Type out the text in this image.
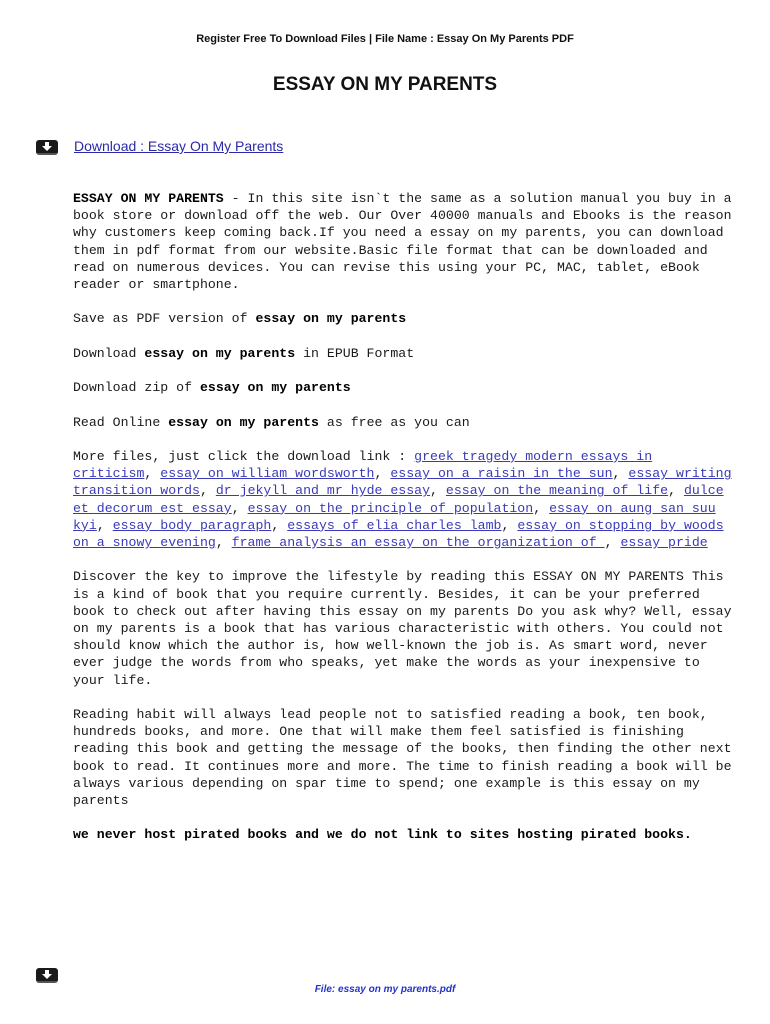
Register Free To Download Files | File Name : Essay On My Parents PDF
ESSAY ON MY PARENTS
Download : Essay On My Parents

ESSAY ON MY PARENTS - In this site isn`t the same as a solution manual you buy in a book store or download off the web. Our Over 40000 manuals and Ebooks is the reason why customers keep coming back.If you need a essay on my parents, you can download them in pdf format from our website.Basic file format that can be downloaded and read on numerous devices. You can revise this using your PC, MAC, tablet, eBook reader or smartphone.

Save as PDF version of essay on my parents

Download essay on my parents in EPUB Format

Download zip of essay on my parents

Read Online essay on my parents as free as you can

More files, just click the download link : greek tragedy modern essays in criticism, essay on william wordsworth, essay on a raisin in the sun, essay writing transition words, dr jekyll and mr hyde essay, essay on the meaning of life, dulce et decorum est essay, essay on the principle of population, essay on aung san suu kyi, essay body paragraph, essays of elia charles lamb, essay on stopping by woods on a snowy evening, frame analysis an essay on the organization of , essay pride

Discover the key to improve the lifestyle by reading this ESSAY ON MY PARENTS This is a kind of book that you require currently. Besides, it can be your preferred book to check out after having this essay on my parents Do you ask why? Well, essay on my parents is a book that has various characteristic with others. You could not should know which the author is, how well-known the job is. As smart word, never ever judge the words from who speaks, yet make the words as your inexpensive to your life.

Reading habit will always lead people not to satisfied reading a book, ten book, hundreds books, and more. One that will make them feel satisfied is finishing reading this book and getting the message of the books, then finding the other next book to read. It continues more and more. The time to finish reading a book will be always various depending on spar time to spend; one example is this essay on my parents

we never host pirated books and we do not link to sites hosting pirated books.

File: essay on my parents.pdf
